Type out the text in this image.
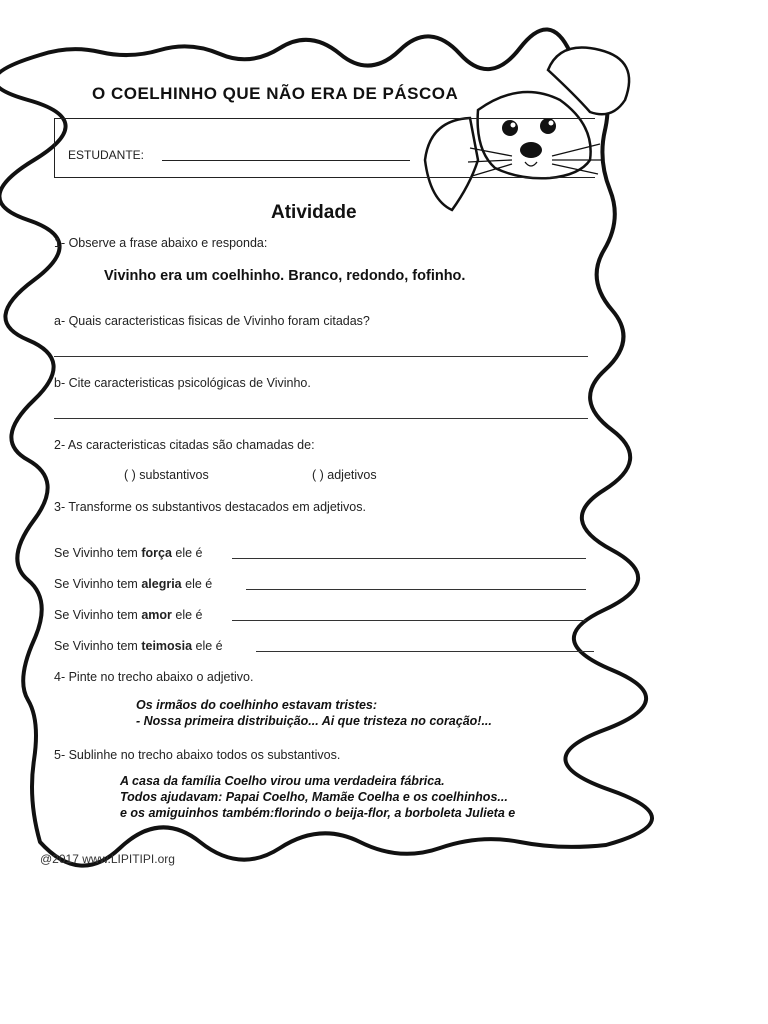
O COELHINHO QUE NÃO ERA DE PÁSCOA
ESTUDANTE:
Atividade
1- Observe a frase abaixo e responda:
Vivinho era um coelhinho. Branco, redondo, fofinho.
a- Quais caracteristicas fisicas de Vivinho foram citadas?
b- Cite caracteristicas psicológicas de Vivinho.
2- As caracteristicas citadas são chamadas de:
( ) substantivos	( ) adjetivos
3- Transforme os substantivos destacados em adjetivos.
Se Vivinho tem força ele é
Se Vivinho tem alegria ele é
Se Vivinho tem amor ele é
Se Vivinho tem teimosia ele é
4- Pinte no trecho abaixo o adjetivo.
Os irmãos do coelhinho estavam tristes:
- Nossa primeira distribuição... Ai que tristeza no coração!...
5- Sublinhe no trecho abaixo todos os substantivos.
A casa da família Coelho virou uma verdadeira fábrica.
Todos ajudavam: Papai Coelho, Mamãe Coelha e os coelhinhos...
e os amiguinhos também:florindo o beija-flor, a borboleta Julieta e
@2017 www.LIPITIPI.org
